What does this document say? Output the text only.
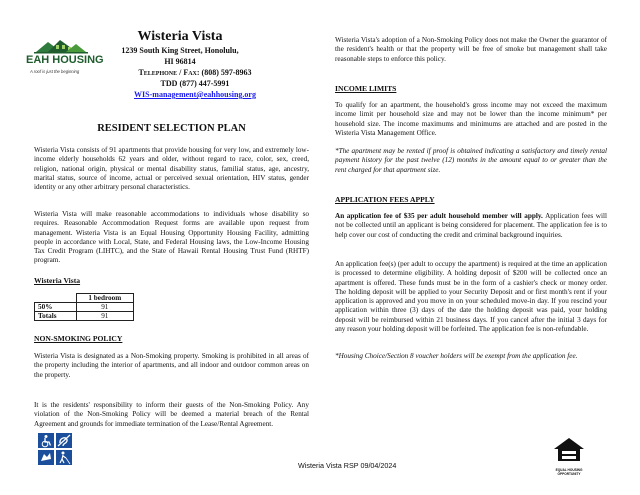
EAH HOUSING
A roof is just the beginning
Wisteria Vista
1239 South King Street, Honolulu,
HI 96814
Telephone / Fax: (808) 597-8963
TDD (877) 447-5991
WIS-management@eahhousing.org
RESIDENT SELECTION PLAN

Wisteria Vista consists of 91 apartments that provide housing for very low, and extremely low-income elderly households 62 years and older, without regard to race, color, sex, creed, religion, national origin, physical or mental disability status, familial status, age, ancestry, marital status, source of income, actual or perceived sexual orientation, HIV status, gender identity or any other arbitrary personal characteristics.

Wisteria Vista will make reasonable accommodations to individuals whose disability so requires. Reasonable Accommodation Request forms are available upon request from management. Wisteria Vista is an Equal Housing Opportunity Housing Facility, admitting people in accordance with Local, State, and Federal Housing laws, the Low-Income Housing Tax Credit Program (LIHTC), and the State of Hawaii Rental Housing Trust Fund (RHTF) program.

Wisteria Vista
	1 bedroom
50%	91
Totals	91
NON-SMOKING POLICY

Wisteria Vista is designated as a Non-Smoking property. Smoking is prohibited in all areas of the property including the interior of apartments, and all indoor and outdoor common areas on the property.

It is the residents' responsibility to inform their guests of the Non-Smoking Policy. Any violation of the Non-Smoking Policy will be deemed a material breach of the Rental Agreement and grounds for immediate termination of the Lease/Rental Agreement.

Wisteria Vista's adoption of a Non-Smoking Policy does not make the Owner the guarantor of the resident's health or that the property will be free of smoke but management shall take reasonable steps to enforce this policy.

INCOME LIMITS

To qualify for an apartment, the household's gross income may not exceed the maximum income limit per household size and may not be lower than the income minimum* per household size. The income maximums and minimums are attached and are posted in the Wisteria Vista Management Office.

*The apartment may be rented if proof is obtained indicating a satisfactory and timely rental payment history for the past twelve (12) months in the amount equal to or greater than the rent charged for that apartment size.

APPLICATION FEES APPLY

An application fee of $35 per adult household member will apply. Application fees will not be collected until an applicant is being considered for placement. The application fee is to help cover our cost of conducting the credit and criminal background inquiries.

An application fee(s) (per adult to occupy the apartment) is required at the time an application is processed to determine eligibility. A holding deposit of $200 will be collected once an apartment is offered. These funds must be in the form of a cashier's check or money order. The holding deposit will be applied to your Security Deposit and or first month's rent if your application is approved and you move in on your scheduled move-in day. If you rescind your application within three (3) days of the date the holding deposit was paid, your holding deposit will be reimbursed within 21 business days. If you cancel after the initial 3 days for any reason your holding deposit will be forfeited. The application fee is non-refundable.

*Housing Choice/Section 8 voucher holders will be exempt from the application fee.

Wisteria Vista RSP 09/04/2024	EQUAL HOUSING OPPORTUNITY
